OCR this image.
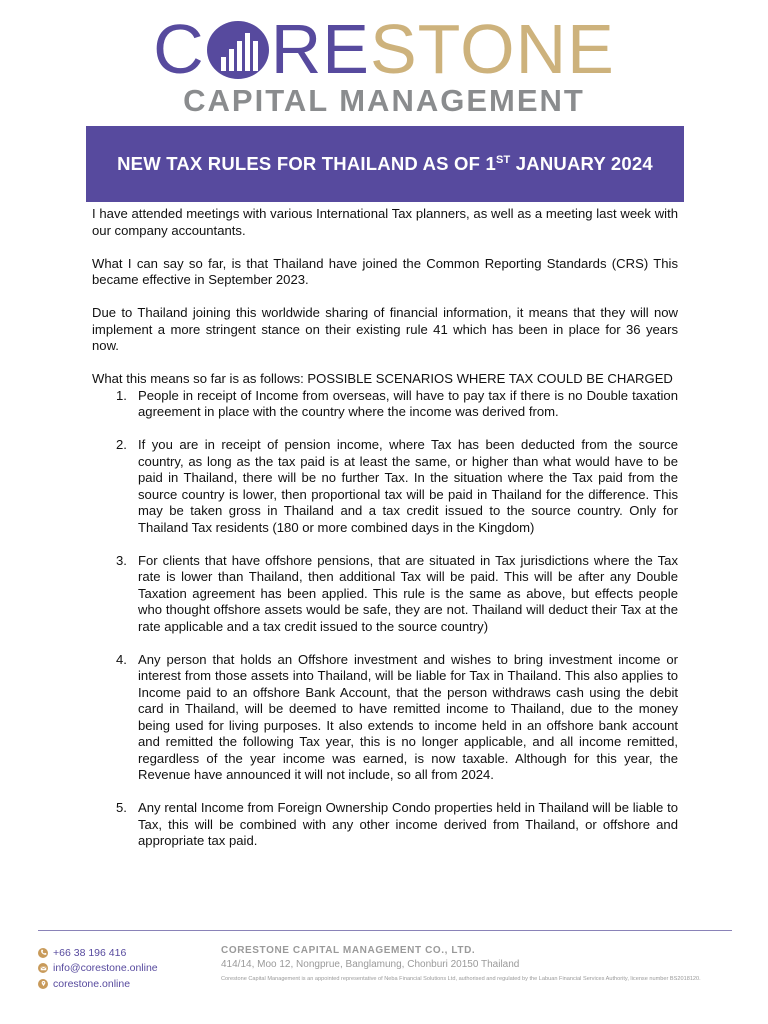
C RESTONE
CAPITAL MANAGEMENT
NEW TAX RULES FOR THAILAND AS OF 1ST JANUARY 2024

I have attended meetings with various International Tax planners, as well as a meeting last week with our company accountants.

What I can say so far, is that Thailand have joined the Common Reporting Standards (CRS) This became effective in September 2023.

Due to Thailand joining this worldwide sharing of financial information, it means that they will now implement a more stringent stance on their existing rule 41 which has been in place for 36 years now.

What this means so far is as follows: POSSIBLE SCENARIOS WHERE TAX COULD BE CHARGED

1. People in receipt of Income from overseas, will have to pay tax if there is no Double taxation agreement in place with the country where the income was derived from.
2. If you are in receipt of pension income, where Tax has been deducted from the source country, as long as the tax paid is at least the same, or higher than what would have to be paid in Thailand, there will be no further Tax. In the situation where the Tax paid from the source country is lower, then proportional tax will be paid in Thailand for the difference. This may be taken gross in Thailand and a tax credit issued to the source country. Only for Thailand Tax residents (180 or more combined days in the Kingdom)
3. For clients that have offshore pensions, that are situated in Tax jurisdictions where the Tax rate is lower than Thailand, then additional Tax will be paid. This will be after any Double Taxation agreement has been applied. This rule is the same as above, but effects people who thought offshore assets would be safe, they are not. Thailand will deduct their Tax at the rate applicable and a tax credit issued to the source country)
4. Any person that holds an Offshore investment and wishes to bring investment income or interest from those assets into Thailand, will be liable for Tax in Thailand. This also applies to Income paid to an offshore Bank Account, that the person withdraws cash using the debit card in Thailand, will be deemed to have remitted income to Thailand, due to the money being used for living purposes. It also extends to income held in an offshore bank account and remitted the following Tax year, this is no longer applicable, and all income remitted, regardless of the year income was earned, is now taxable. Although for this year, the Revenue have announced it will not include, so all from 2024.
5. Any rental Income from Foreign Ownership Condo properties held in Thailand will be liable to Tax, this will be combined with any other income derived from Thailand, or offshore and appropriate tax paid.
+66 38 196 416
info@corestone.online
corestone.online
CORESTONE CAPITAL MANAGEMENT CO., LTD.
414/14, Moo 12, Nongprue, Banglamung, Chonburi 20150 Thailand
Corestone Capital Management is an appointed representative of Neba Financial Solutions Ltd, authorised and regulated by the Labuan Financial Services Authority, license number BS2018120.
